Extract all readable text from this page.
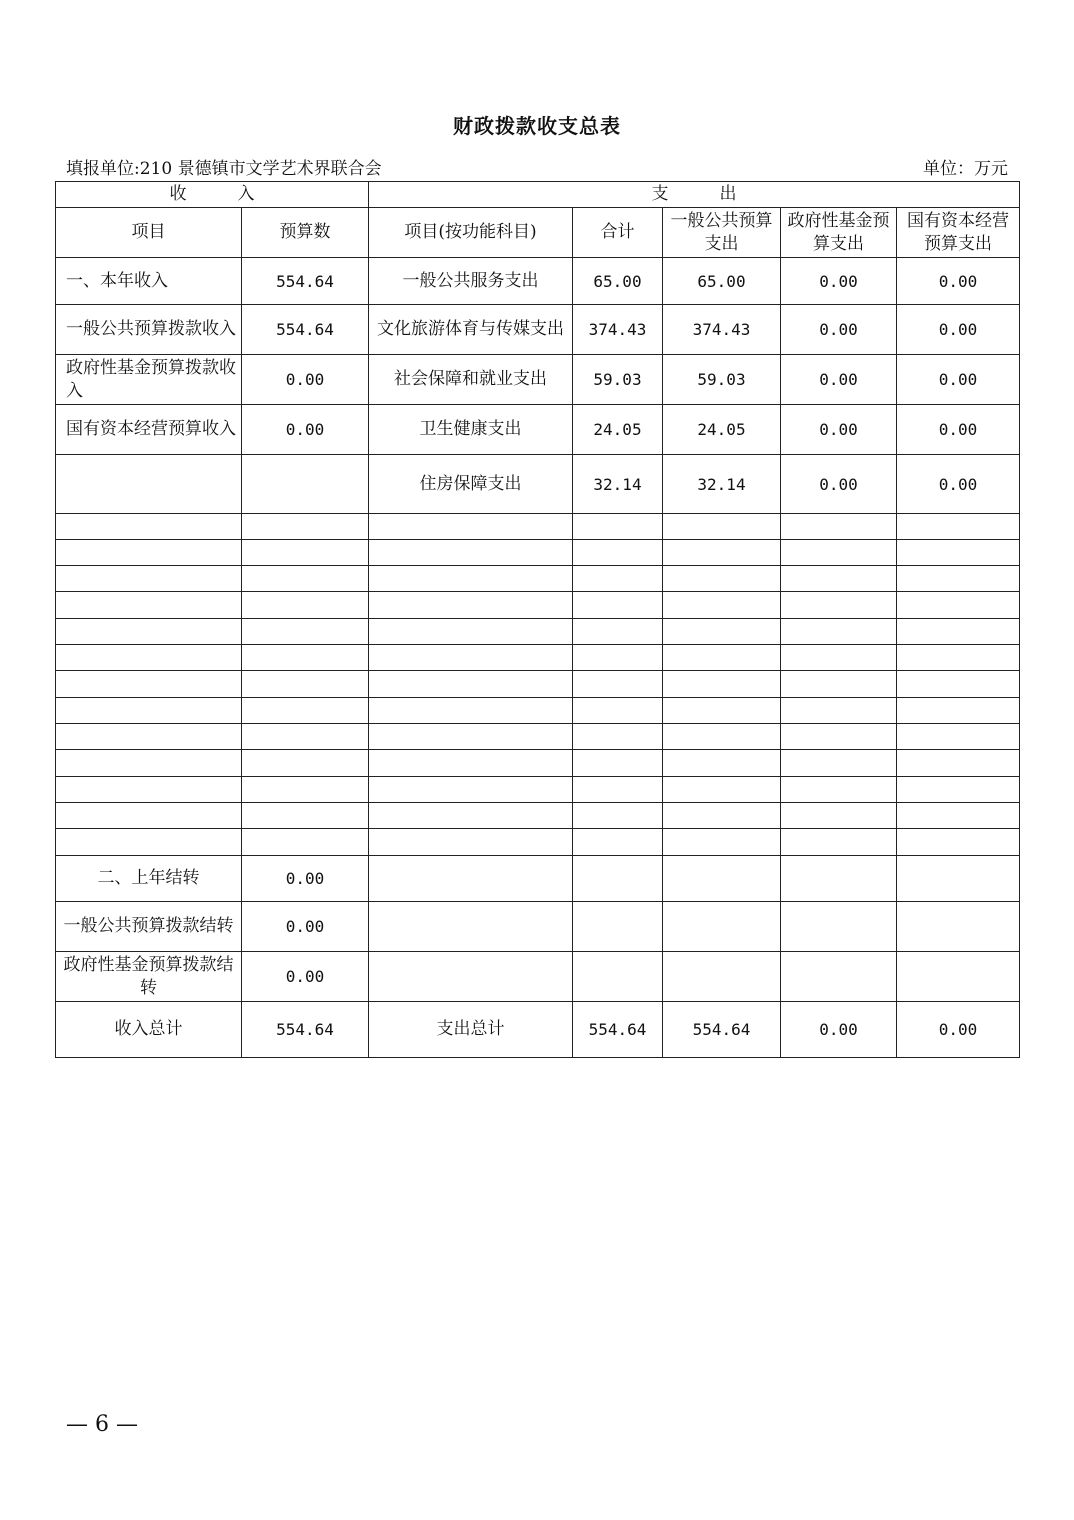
财政拨款收支总表
填报单位:210 景德镇市文学艺术界联合会	单位：万元
收　　　入		支　　　出				
项目	预算数	项目(按功能科目)	合计	一般公共预算支出	政府性基金预算支出	国有资本经营预算支出
一、本年收入	554.64	一般公共服务支出	65.00	65.00	0.00	0.00
一般公共预算拨款收入	554.64	文化旅游体育与传媒支出	374.43	374.43	0.00	0.00
政府性基金预算拨款收入	0.00	社会保障和就业支出	59.03	59.03	0.00	0.00
国有资本经营预算收入	0.00	卫生健康支出	24.05	24.05	0.00	0.00
		住房保障支出	32.14	32.14	0.00	0.00

二、上年结转	0.00					
一般公共预算拨款结转	0.00					
政府性基金预算拨款结转	0.00					
收入总计	554.64	支出总计	554.64	554.64	0.00	0.00
— 6 —
